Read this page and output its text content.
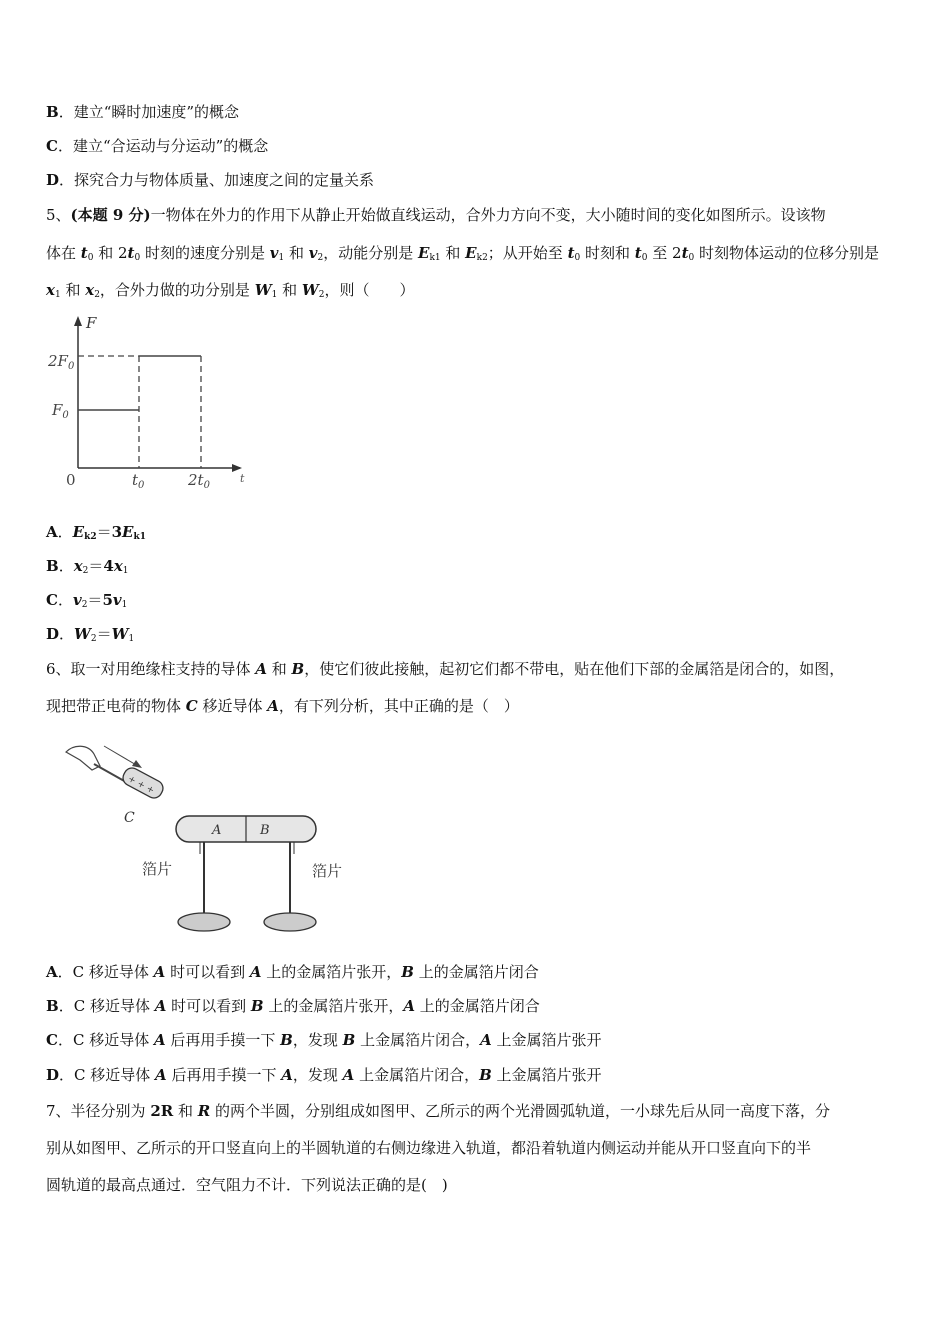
B．建立“瞬时加速度”的概念
C．建立“合运动与分运动”的概念
D．探究合力与物体质量、加速度之间的定量关系
5、(本题 9 分)一物体在外力的作用下从静止开始做直线运动，合外力方向不变，大小随时间的变化如图所示。设该物
体在 $t_0$ 和 $2t_0$ 时刻的速度分别是 $v_1$ 和 $v_2$，动能分别是 $E_{k1}$ 和 $E_{k2}$；从开始至 $t_0$ 时刻和 $t_0$ 至 $2t_0$ 时刻物体运动的位移分别是
$x_1$ 和 $x_2$，合外力做的功分别是 $W_1$ 和 $W_2$，则（　　）
F
t
$2F_0$
$F_0$
0	$t_0$	$2t_0$
A．$E_{k2}=3E_{k1}$
B．$x_2=4x_1$
C．$v_2=5v_1$
D．$W_2=W_1$
6、取一对用绝缘柱支持的导体 A 和 B，使它们彼此接触，起初它们都不带电，贴在他们下部的金属箔是闭合的，如图，
现把带正电荷的物体 C 移近导体 A，有下列分析，其中正确的是（　）
+ + +
C
A	B
箔片	箔片
A．C 移近导体 A 时可以看到 A 上的金属箔片张开，B 上的金属箔片闭合
B．C 移近导体 A 时可以看到 B 上的金属箔片张开，A 上的金属箔片闭合
C．C 移近导体 A 后再用手摸一下 B，发现 B 上金属箔片闭合，A 上金属箔片张开
D．C 移近导体 A 后再用手摸一下 A，发现 A 上金属箔片闭合，B 上金属箔片张开
7、半径分别为 2R 和 R 的两个半圆，分别组成如图甲、乙所示的两个光滑圆弧轨道，一小球先后从同一高度下落，分
别从如图甲、乙所示的开口竖直向上的半圆轨道的右侧边缘进入轨道，都沿着轨道内侧运动并能从开口竖直向下的半
圆轨道的最高点通过．空气阻力不计．下列说法正确的是(　)
